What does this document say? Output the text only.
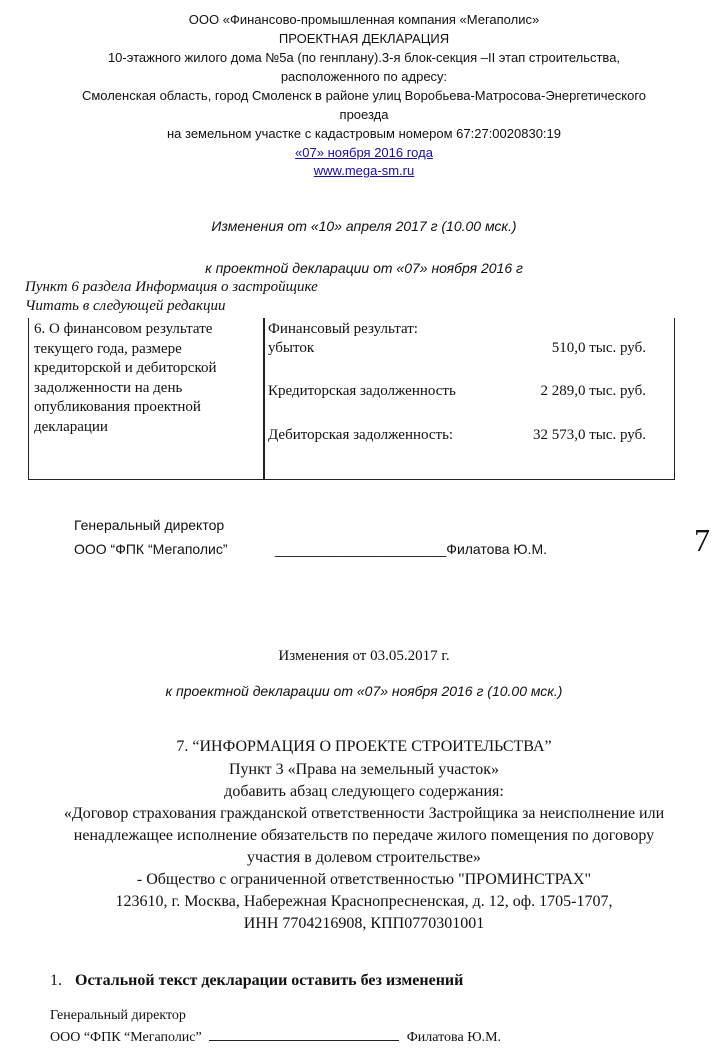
ООО «Финансово-промышленная компания «Мегаполис»
ПРОЕКТНАЯ ДЕКЛАРАЦИЯ
10-этажного жилого дома №5а (по генплану).3-я блок-секция –II этап строительства,
расположенного по адресу:
Смоленская область, город Смоленск в районе улиц Воробьева-Матросова-Энергетического
проезда
на земельном участке с кадастровым номером 67:27:0020830:19
«07» ноября 2016 года
www.mega-sm.ru
Изменения от «10» апреля 2017 г (10.00 мск.)
к проектной декларации от «07» ноября 2016 г
Пункт 6 раздела Информация о застройщике
Читать в следующей редакции
6. О финансовом результате текущего года, размере кредиторской и дебиторской задолженности на день опубликования проектной декларации
Финансовый результат:
убыток	510,0 тыс. руб.
Кредиторская задолженность	2 289,0 тыс. руб.
Дебиторская задолженность:	32 573,0 тыс. руб.
Генеральный директор
ООО “ФПК “Мегаполис”	______________________Филатова Ю.М.	7
Изменения от 03.05.2017 г.
к проектной декларации от «07» ноября 2016 г (10.00 мск.)
7. “ИНФОРМАЦИЯ О ПРОЕКТЕ СТРОИТЕЛЬСТВА”
Пункт 3 «Права на земельный участок»
добавить абзац следующего содержания:
«Договор страхования гражданской ответственности Застройщика за неисполнение или
ненадлежащее исполнение обязательств по передаче жилого помещения по договору
участия в долевом строительстве»
- Общество с ограниченной ответственностью "ПРОМИНСТРАХ"
123610, г. Москва, Набережная Краснопресненская, д. 12, оф. 1705-1707,
ИНН 7704216908, КПП0770301001
1. Остальной текст декларации оставить без изменений
Генеральный директор
ООО “ФПК “Мегаполис”	Филатова Ю.М.
